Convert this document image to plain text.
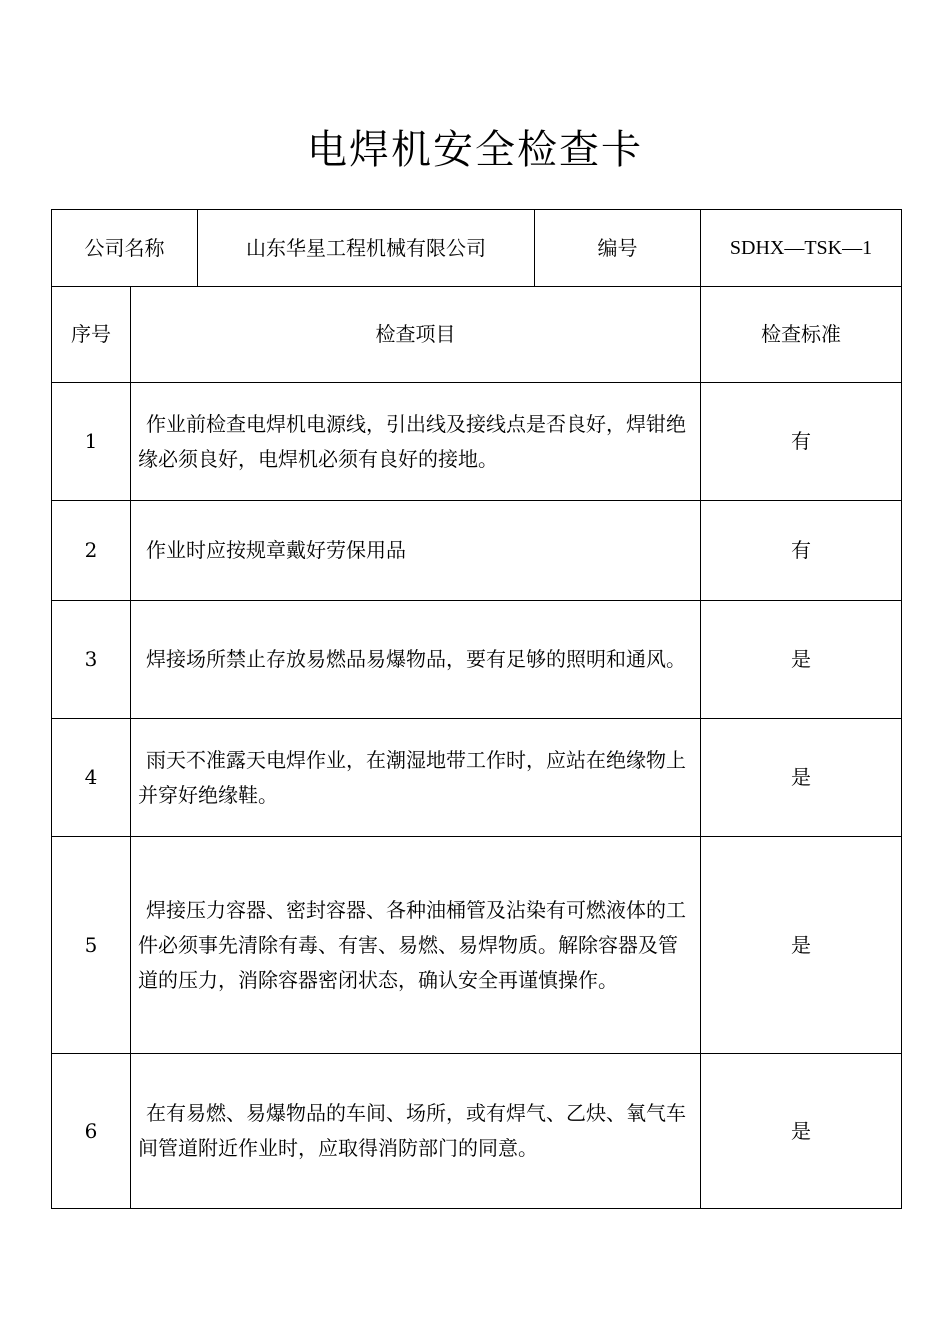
电焊机安全检查卡
公司名称		山东华星工程机械有限公司	编号	SDHX—TSK—1
序号	检查项目			检查标准
1	作业前检查电焊机电源线，引出线及接线点是否良好，焊钳绝缘必须良好，电焊机必须有良好的接地。			有
2	作业时应按规章戴好劳保用品			有
3	焊接场所禁止存放易燃品易爆物品，要有足够的照明和通风。			是
4	雨天不准露天电焊作业，在潮湿地带工作时，应站在绝缘物上并穿好绝缘鞋。			是
5	焊接压力容器、密封容器、各种油桶管及沾染有可燃液体的工件必须事先清除有毒、有害、易燃、易焊物质。解除容器及管道的压力，消除容器密闭状态，确认安全再谨慎操作。			是
6	在有易燃、易爆物品的车间、场所，或有焊气、乙炔、氧气车间管道附近作业时，应取得消防部门的同意。			是
